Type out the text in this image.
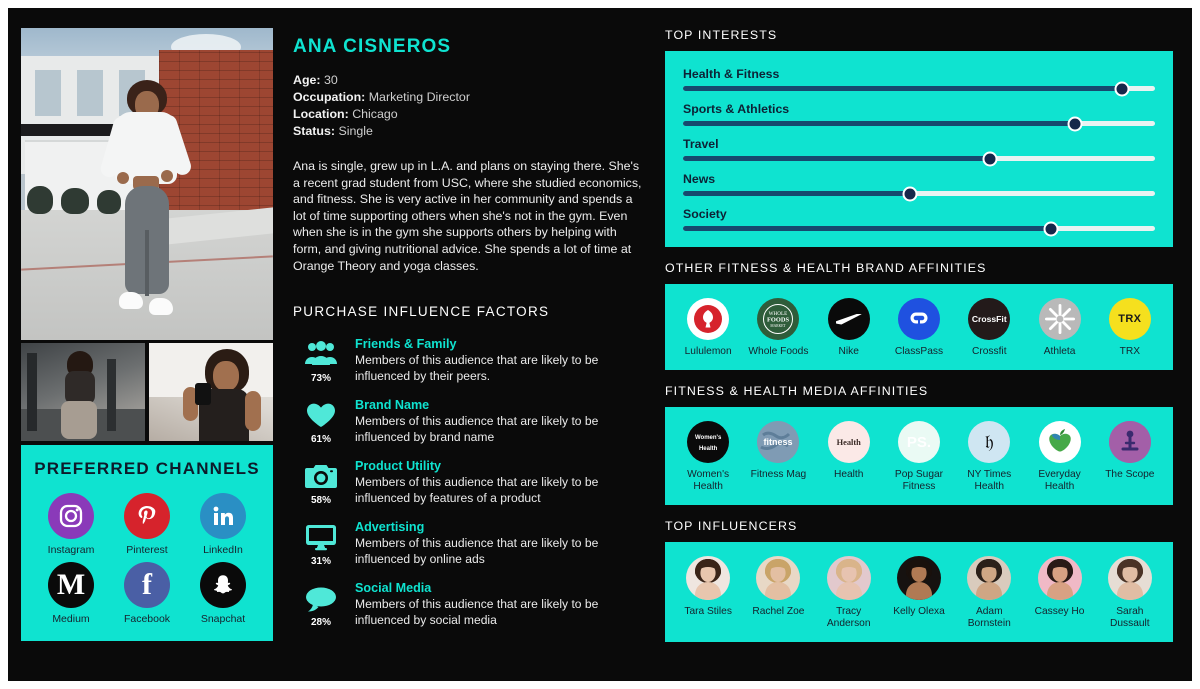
PREFERRED CHANNELS
Instagram	Pinterest	LinkedIn
M
Medium
f
Facebook	Snapchat
ANA CISNEROS
Age: 30
Occupation: Marketing Director
Location: Chicago
Status: Single
Ana is single, grew up in L.A. and plans on staying there. She's a recent grad student from USC, where she studied economics, and fitness. She is very active in her community and spends a lot of time supporting others when she's not in the gym. Even when she is in the gym she supports others by helping with form, and giving nutritional advice. She spends a lot of time at Orange Theory and yoga classes.
PURCHASE INFLUENCE FACTORS
73%
Friends & Family
Members of this audience that are likely to be influenced by their peers.
61%
Brand Name
Members of this audience that are likely to be influenced by brand name
58%
Product Utility
Members of this audience that are likely to be influenced by features of a product
31%
Advertising
Members of this audience that are likely to be influenced by online ads
28%
Social Media
Members of this audience that are likely to be influenced by social media
TOP INTERESTS
Health & Fitness
Sports & Athletics
Travel
News
Society
OTHER FITNESS & HEALTH BRAND AFFINITIES
Lululemon
WHOLE
FOODS
MARKET
Whole Foods	Nike	ClassPass
CrossFit
Crossfit	Athleta
TRX
TRX
FITNESS & HEALTH MEDIA AFFINITIES
Women's
Health
Women's Health
fitness
Fitness Mag
Health
Health
PS.
Pop Sugar Fitness
𝔥
NY Times Health
Everyday Health
The Scope
TOP INFLUENCERS
Tara Stiles	Rachel Zoe	Tracy Anderson
Kelly Olexa	Adam Bornstein
Cassey Ho	Sarah Dussault
